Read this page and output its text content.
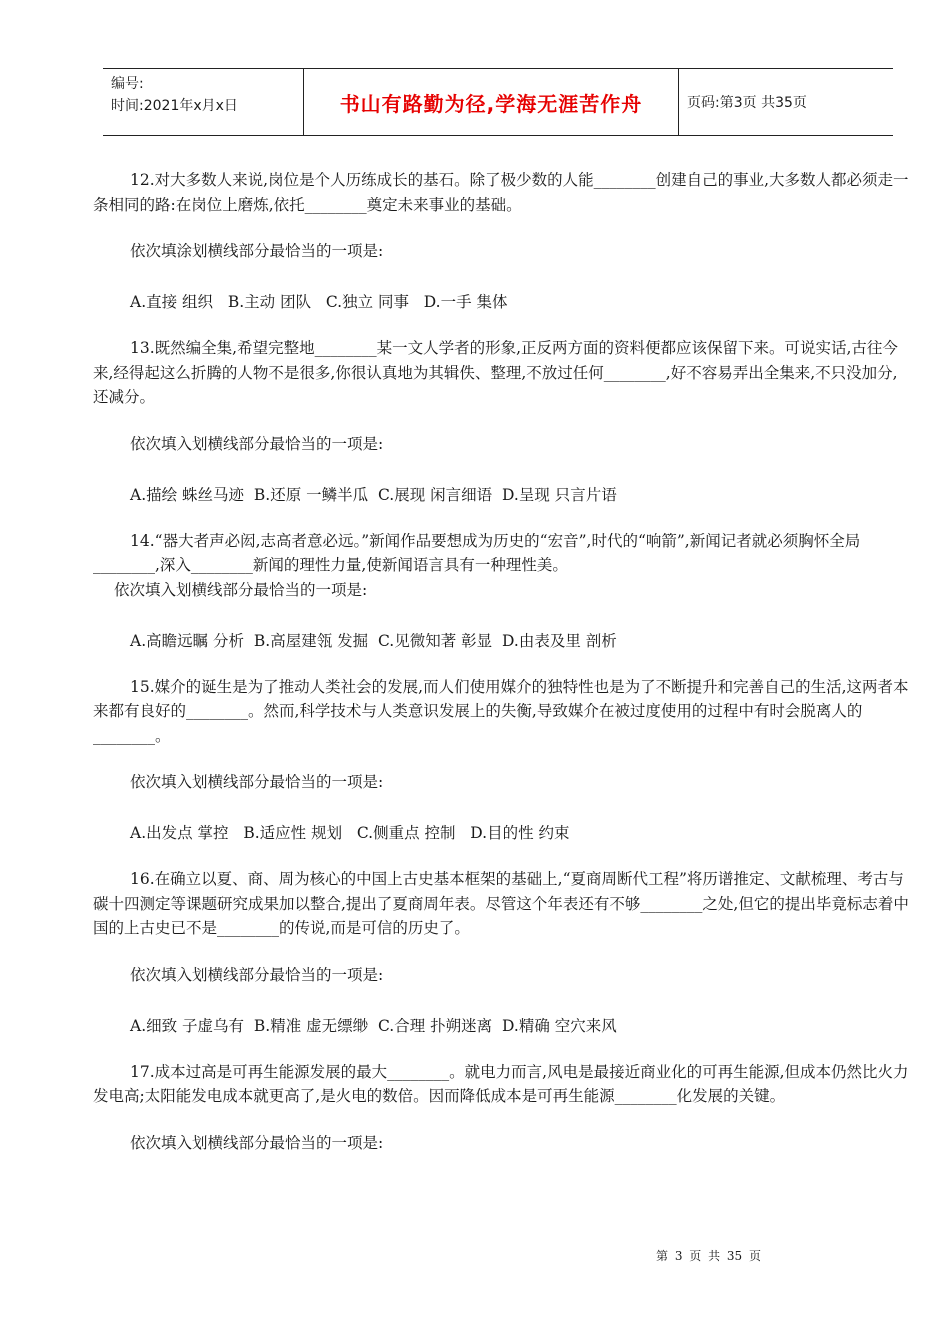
编号:
时间:2021年x月x日	书山有路勤为径,学海无涯苦作舟	页码:第3页 共35页

12.对大多数人来说,岗位是个人历练成长的基石。除了极少数的人能________创建自己的事业,大多数人都必须走一条相同的路:在岗位上磨炼,依托________奠定未来事业的基础。

依次填涂划横线部分最恰当的一项是:

A.直接 组织   B.主动 团队   C.独立 同事   D.一手 集体

13.既然编全集,希望完整地________某一文人学者的形象,正反两方面的资料便都应该保留下来。可说实话,古往今来,经得起这么折腾的人物不是很多,你很认真地为其辑佚、整理,不放过任何________,好不容易弄出全集来,不只没加分,还减分。

依次填入划横线部分最恰当的一项是:

A.描绘 蛛丝马迹  B.还原 一鳞半瓜  C.展现 闲言细语  D.呈现 只言片语

14.“器大者声必闳,志高者意必远。”新闻作品要想成为历史的“宏音”,时代的“响箭”,新闻记者就必须胸怀全局________,深入________新闻的理性力量,使新闻语言具有一种理性美。

依次填入划横线部分最恰当的一项是:

A.高瞻远瞩 分析  B.高屋建瓴 发掘  C.见微知著 彰显  D.由表及里 剖析

15.媒介的诞生是为了推动人类社会的发展,而人们使用媒介的独特性也是为了不断提升和完善自己的生活,这两者本来都有良好的________。然而,科学技术与人类意识发展上的失衡,导致媒介在被过度使用的过程中有时会脱离人的________。

依次填入划横线部分最恰当的一项是:

A.出发点 掌控   B.适应性 规划   C.侧重点 控制   D.目的性 约束

16.在确立以夏、商、周为核心的中国上古史基本框架的基础上,“夏商周断代工程”将历谱推定、文献梳理、考古与碳十四测定等课题研究成果加以整合,提出了夏商周年表。尽管这个年表还有不够________之处,但它的提出毕竟标志着中国的上古史已不是________的传说,而是可信的历史了。

依次填入划横线部分最恰当的一项是:

A.细致 子虚乌有  B.精准 虚无缥缈  C.合理 扑朔迷离  D.精确 空穴来风

17.成本过高是可再生能源发展的最大________。就电力而言,风电是最接近商业化的可再生能源,但成本仍然比火力发电高;太阳能发电成本就更高了,是火电的数倍。因而降低成本是可再生能源________化发展的关键。

依次填入划横线部分最恰当的一项是:

第 3 页 共 35 页
